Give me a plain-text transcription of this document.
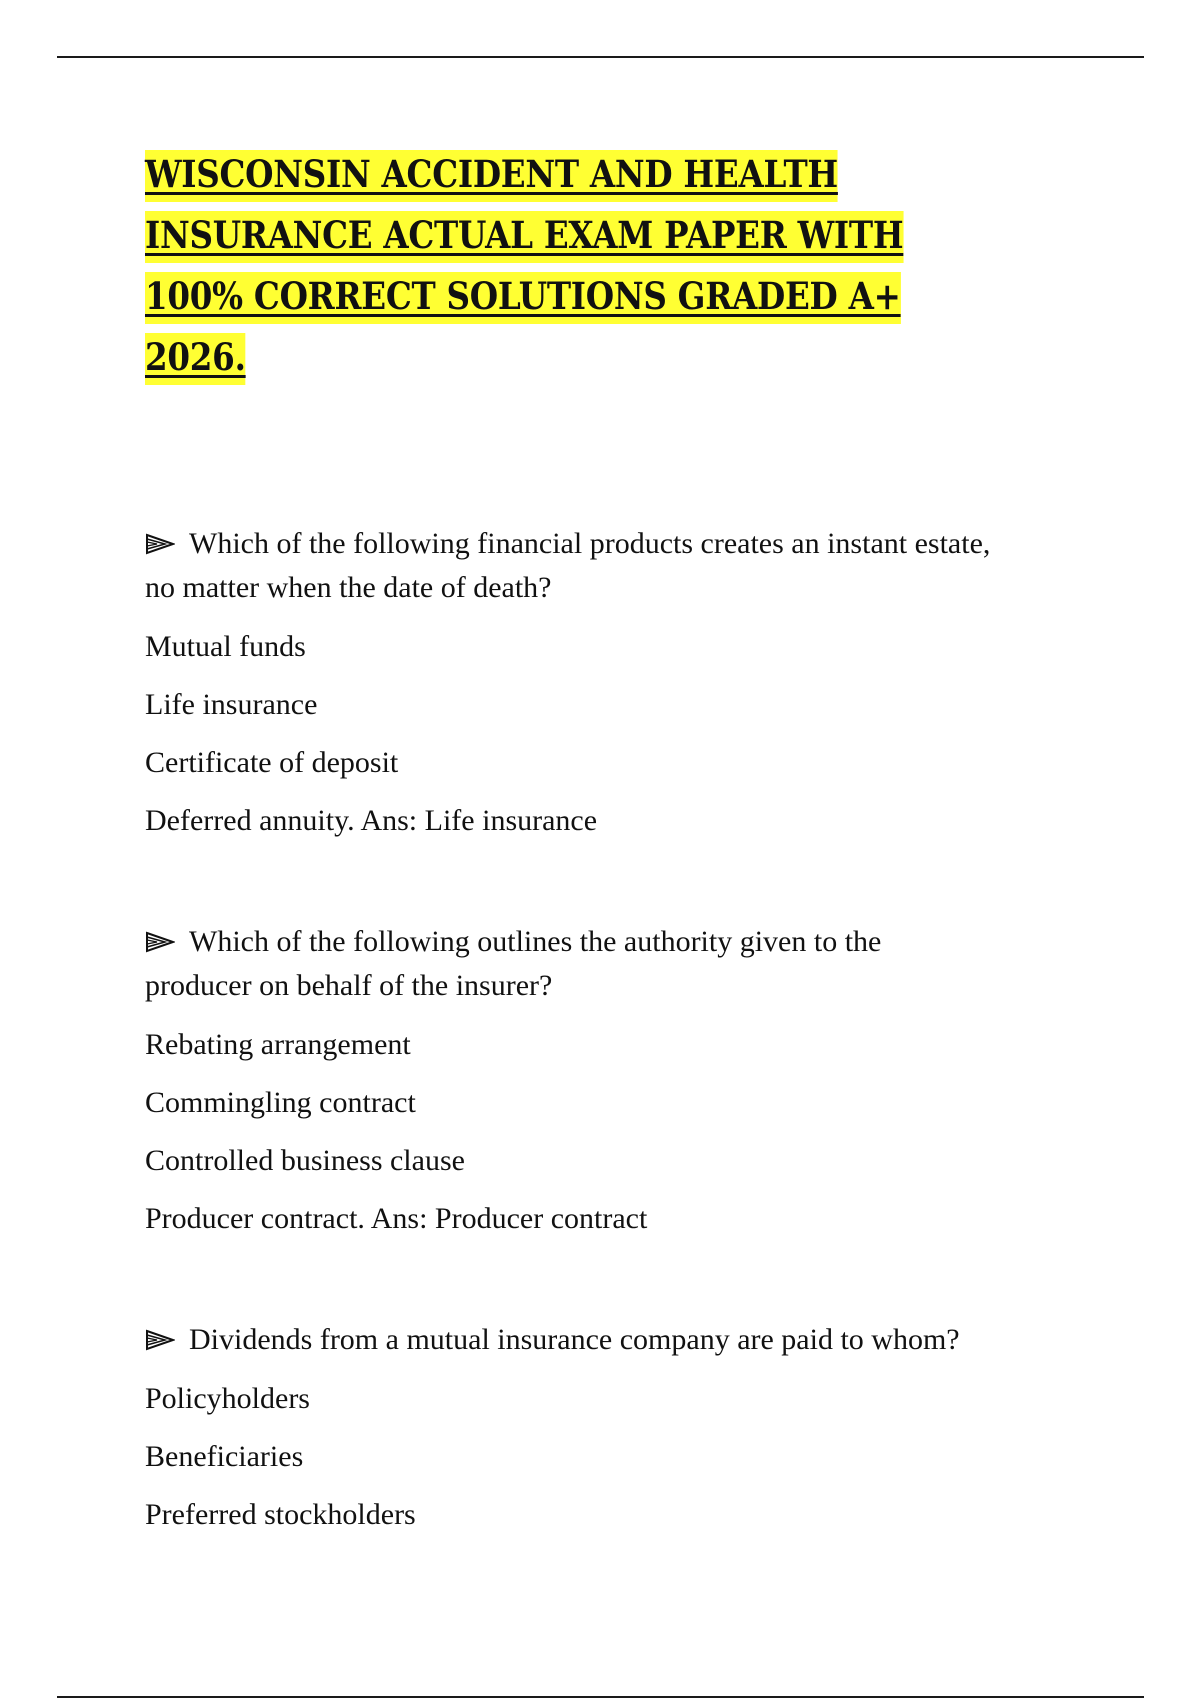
WISCONSIN ACCIDENT AND HEALTH
INSURANCE ACTUAL EXAM PAPER WITH
100% CORRECT SOLUTIONS GRADED A+
2026.

Which of the following financial products creates an instant estate,
no matter when the date of death?

Mutual funds

Life insurance

Certificate of deposit

Deferred annuity. Ans: Life insurance

Which of the following outlines the authority given to the
producer on behalf of the insurer?

Rebating arrangement

Commingling contract

Controlled business clause

Producer contract. Ans: Producer contract

Dividends from a mutual insurance company are paid to whom?

Policyholders

Beneficiaries

Preferred stockholders
